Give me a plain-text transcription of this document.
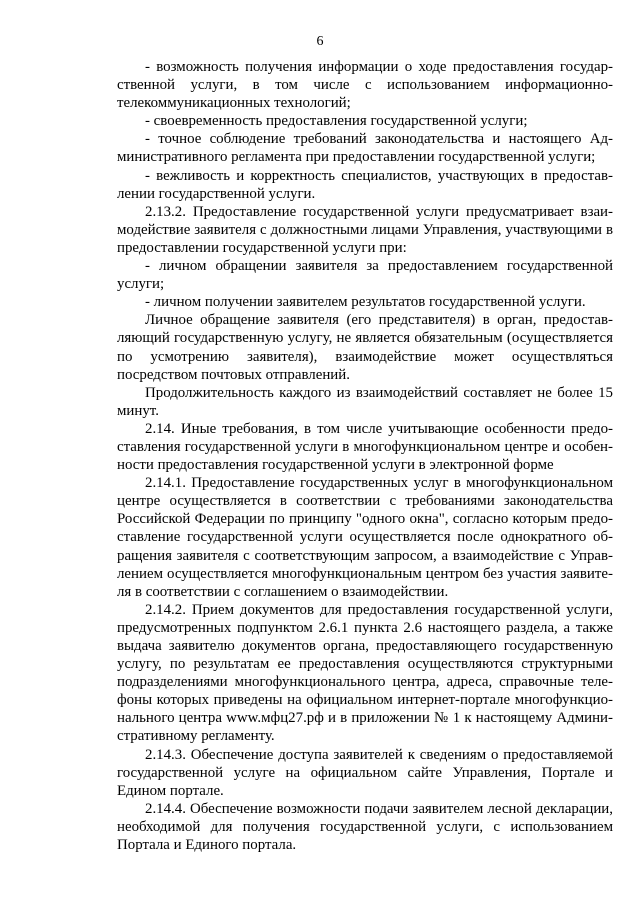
6

- возможность получения информации о ходе предоставления государственной услуги, в том числе с использованием информационно-телекоммуникационных технологий;

- своевременность предоставления государственной услуги;

- точное соблюдение требований законодательства и настоящего Административного регламента при предоставлении государственной услуги;

- вежливость и корректность специалистов, участвующих в предоставлении государственной услуги.

2.13.2. Предоставление государственной услуги предусматривает взаимодействие заявителя с должностными лицами Управления, участвующими в предоставлении государственной услуги при:

- личном обращении заявителя за предоставлением государственной услуги;

- личном получении заявителем результатов государственной услуги.

Личное обращение заявителя (его представителя) в орган, предоставляющий государственную услугу, не является обязательным (осуществляется по усмотрению заявителя), взаимодействие может осуществляться посредством почтовых отправлений.

Продолжительность каждого из взаимодействий составляет не более 15 минут.

2.14. Иные требования, в том числе учитывающие особенности предоставления государственной услуги в многофункциональном центре и особенности предоставления государственной услуги в электронной форме

2.14.1. Предоставление государственных услуг в многофункциональном центре осуществляется в соответствии с требованиями законодательства Российской Федерации по принципу "одного окна", согласно которым предоставление государственной услуги осуществляется после однократного обращения заявителя с соответствующим запросом, а взаимодействие с Управлением осуществляется многофункциональным центром без участия заявителя в соответствии с соглашением о взаимодействии.

2.14.2. Прием документов для предоставления государственной услуги, предусмотренных подпунктом 2.6.1 пункта 2.6 настоящего раздела, а также выдача заявителю документов органа, предоставляющего государственную услугу, по результатам ее предоставления осуществляются структурными подразделениями многофункционального центра, адреса, справочные телефоны которых приведены на официальном интернет-портале многофункционального центра www.мфц27.рф и в приложении № 1 к настоящему Административному регламенту.

2.14.3. Обеспечение доступа заявителей к сведениям о предоставляемой государственной услуге на официальном сайте Управления, Портале и Едином портале.

2.14.4. Обеспечение возможности подачи заявителем лесной декларации, необходимой для получения государственной услуги, с использованием Портала и Единого портала.
